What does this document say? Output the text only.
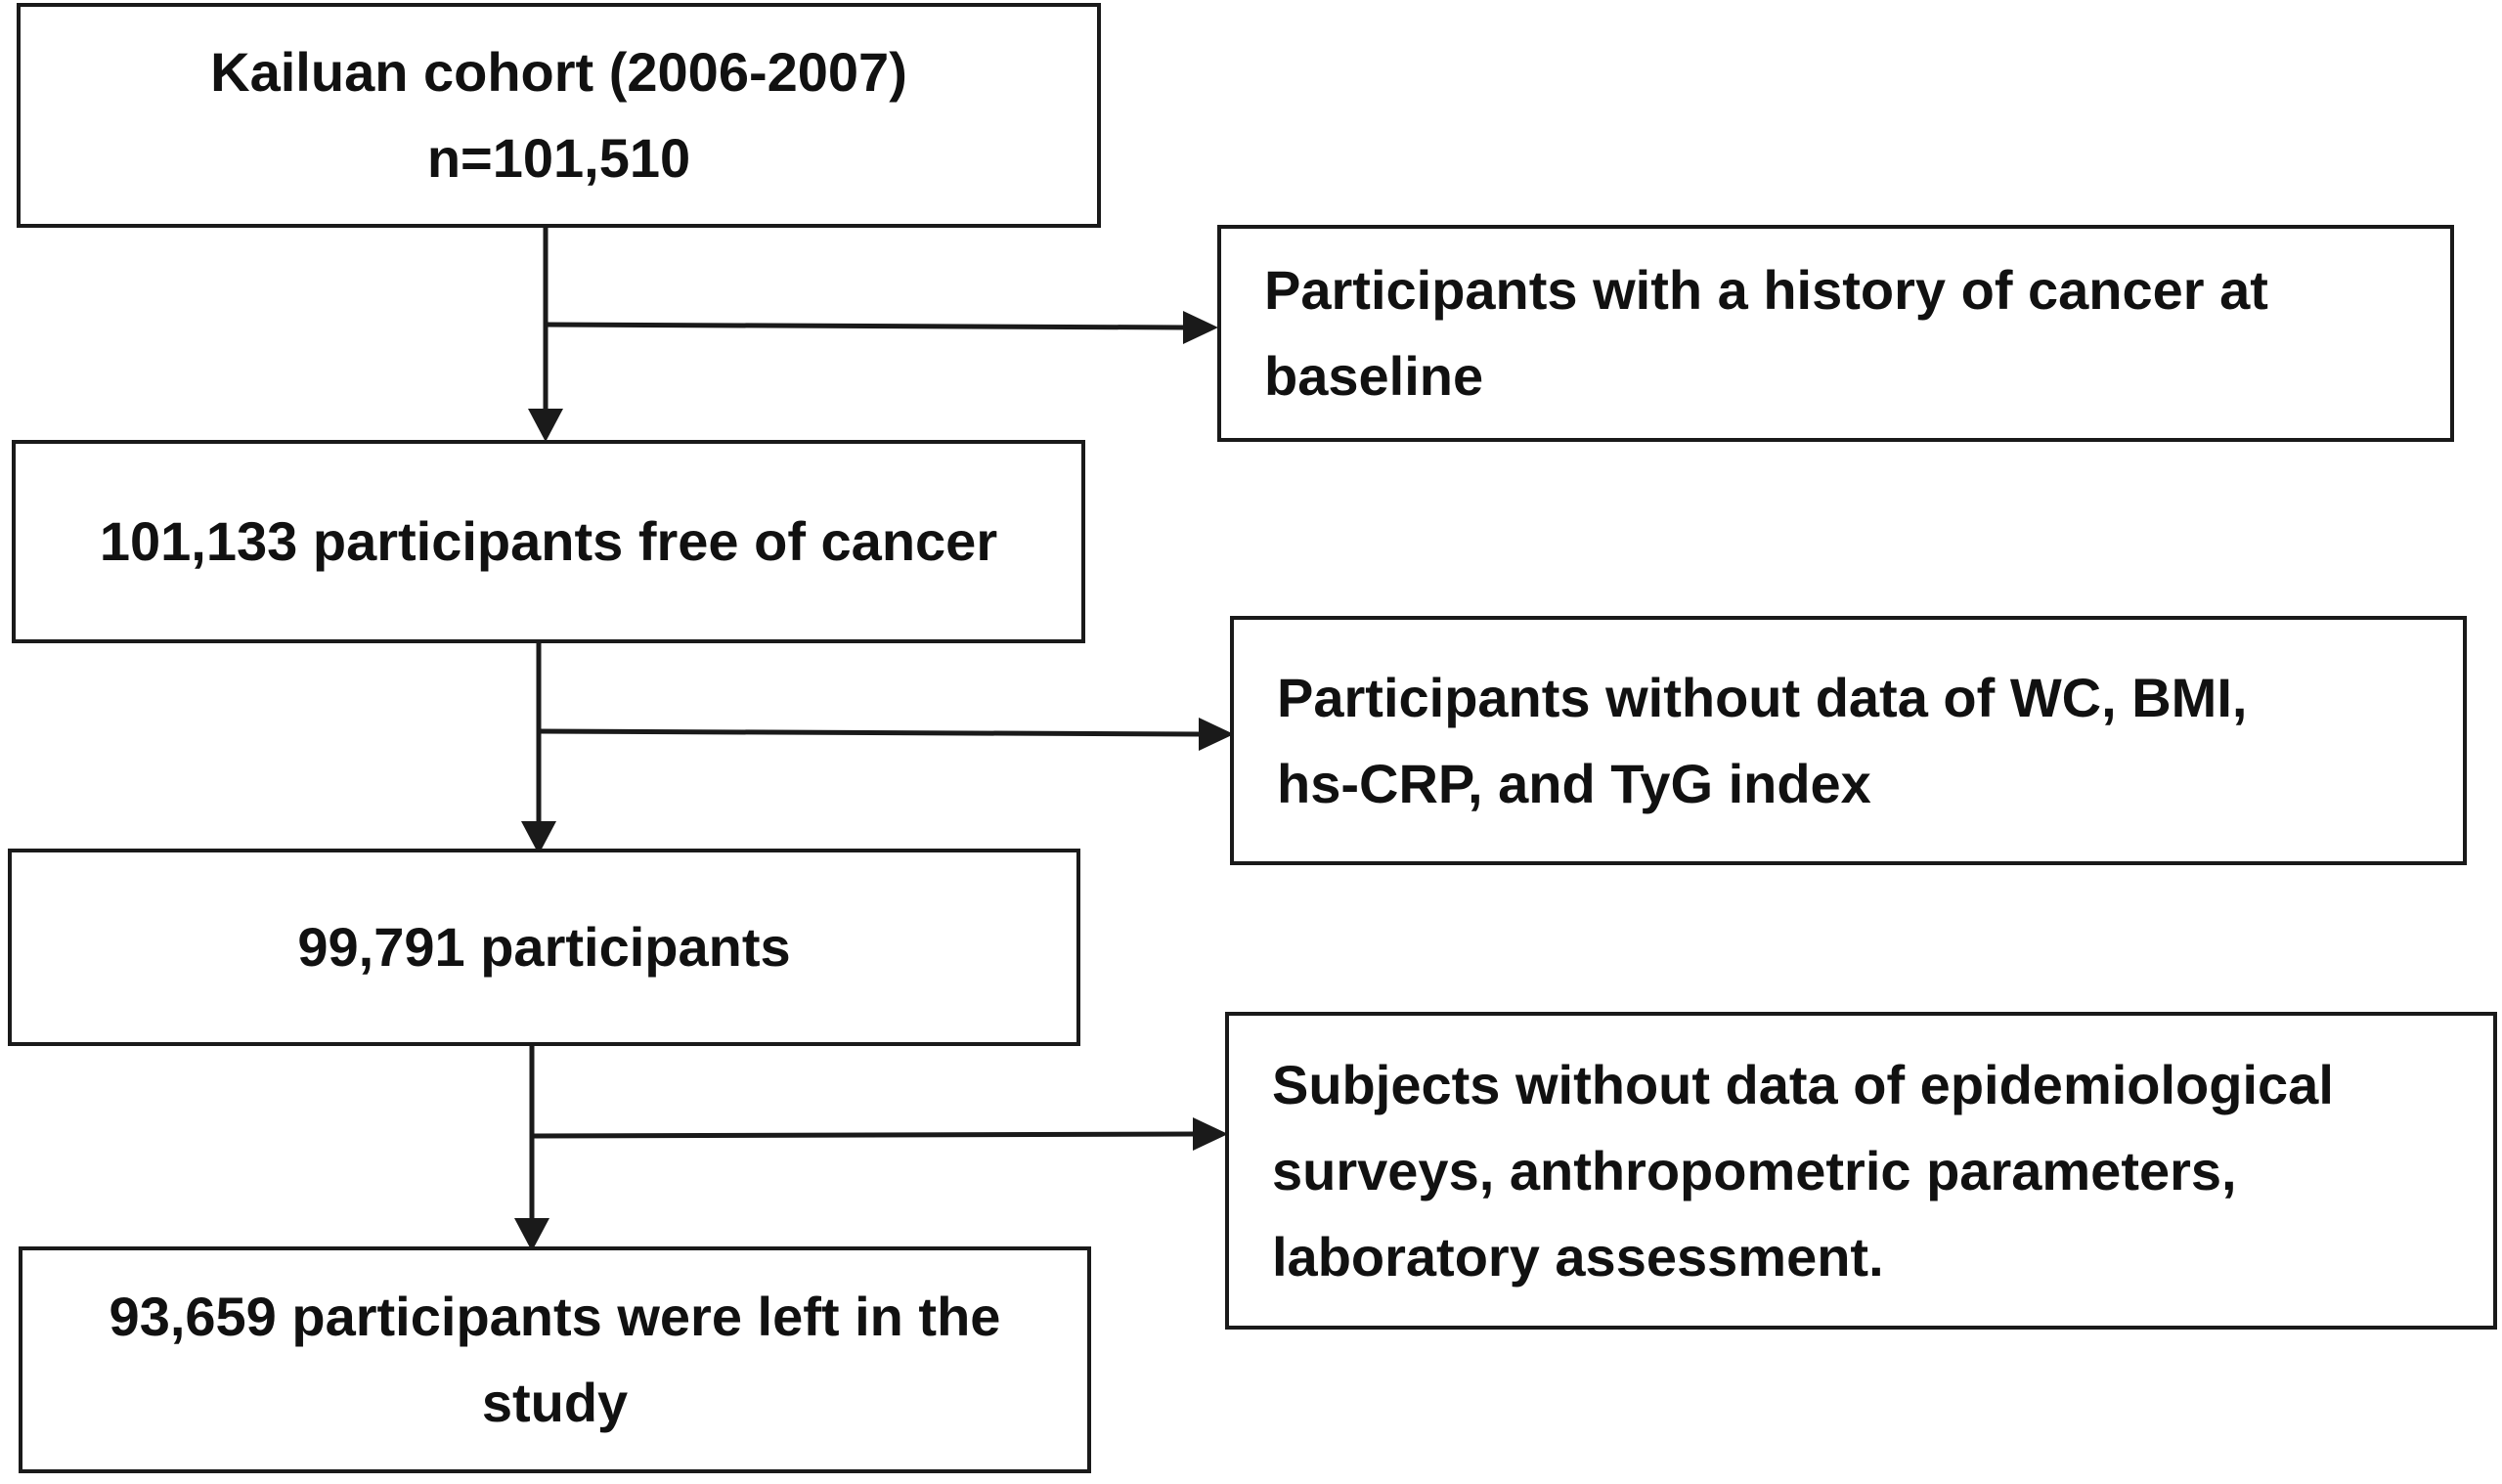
Kailuan cohort (2006-2007)
n=101,510
101,133 participants free of cancer
99,791 participants
93,659 participants were left in the
study
Participants with a history of cancer at
baseline
Participants without data of WC, BMI,
hs-CRP, and TyG index
Subjects without data of epidemiological
surveys, anthropometric parameters,
laboratory assessment.
